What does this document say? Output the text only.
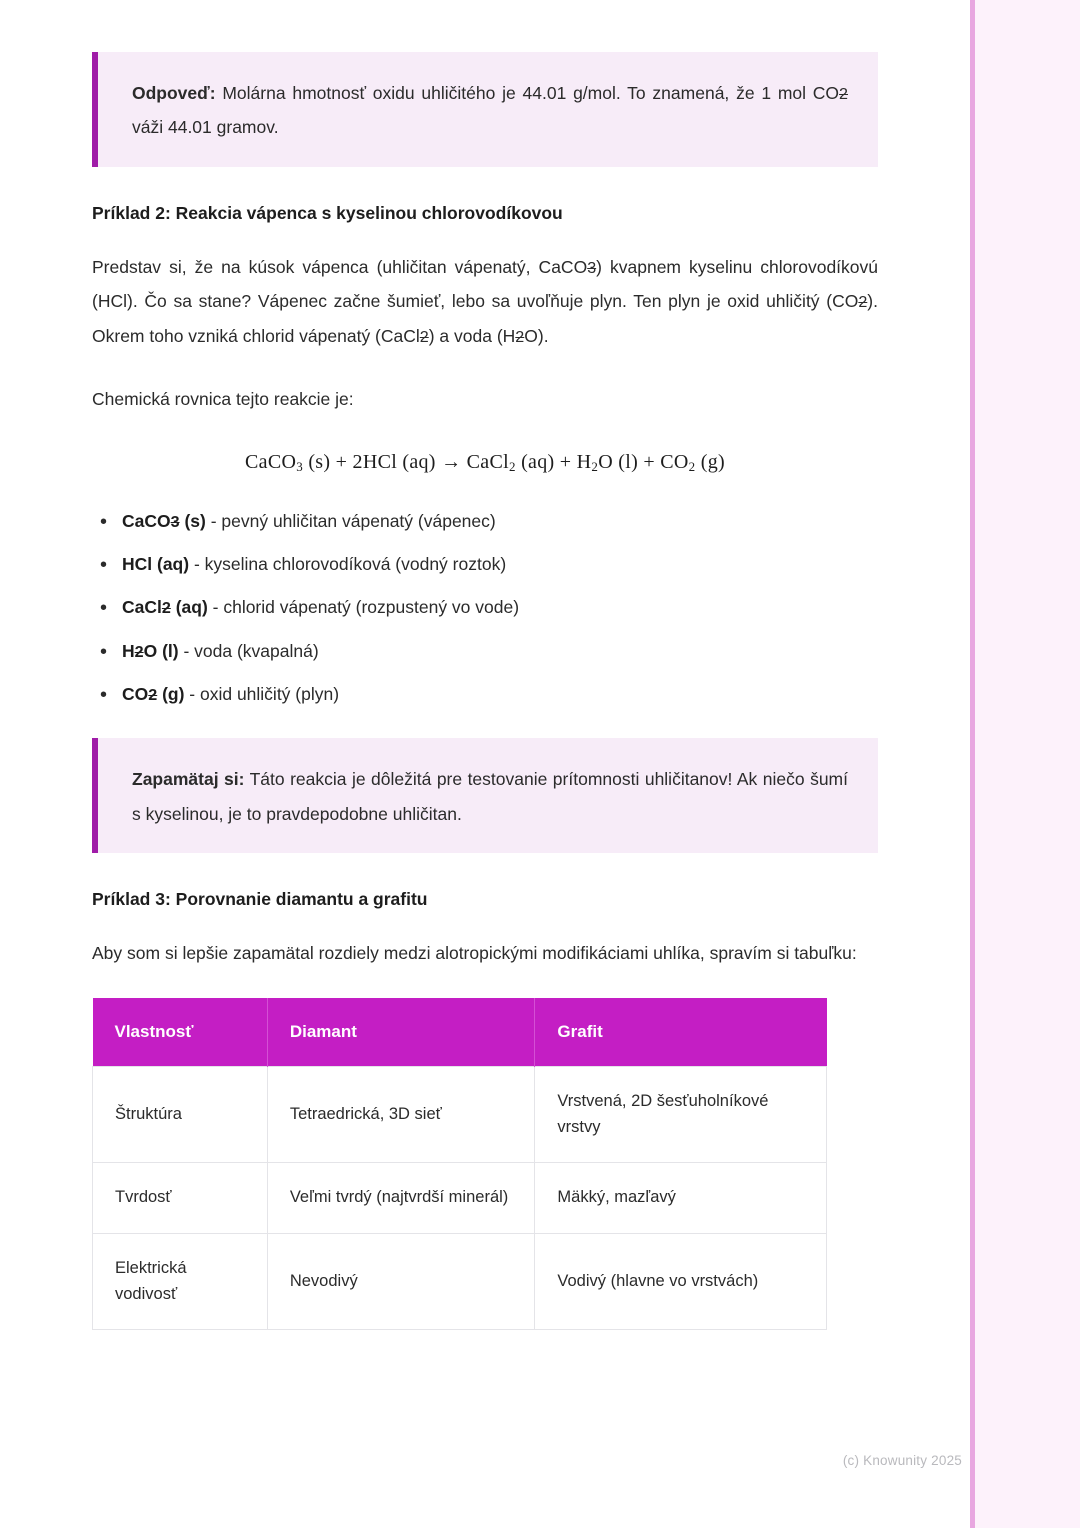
Odpoveď: Molárna hmotnosť oxidu uhličitého je 44.01 g/mol. To znamená, že 1 mol CO2 váži 44.01 gramov.

Príklad 2: Reakcia vápenca s kyselinou chlorovodíkovou

Predstav si, že na kúsok vápenca (uhličitan vápenatý, CaCO3) kvapnem kyselinu chlorovodíkovú (HCl). Čo sa stane? Vápenec začne šumieť, lebo sa uvoľňuje plyn. Ten plyn je oxid uhličitý (CO2). Okrem toho vzniká chlorid vápenatý (CaCl2) a voda (H2O).

Chemická rovnica tejto reakcie je:

CaCO$_3$ (s) + 2HCl (aq) → CaCl$_2$ $(aq) + H_2O$ $(l) + CO_2$ (g)
• CaCO3 (s) - pevný uhličitan vápenatý (vápenec)
• HCl (aq) - kyselina chlorovodíková (vodný roztok)
• CaCl2 (aq) - chlorid vápenatý (rozpustený vo vode)
• H2O (l) - voda (kvapalná)
• CO2 (g) - oxid uhličitý (plyn)

Zapamätaj si: Táto reakcia je dôležitá pre testovanie prítomnosti uhličitanov! Ak niečo šumí s kyselinou, je to pravdepodobne uhličitan.

Príklad 3: Porovnanie diamantu a grafitu

Aby som si lepšie zapamätal rozdiely medzi alotropickými modifikáciami uhlíka, spravím si tabuľku:

Vlastnosť	Diamant	Grafit
Štruktúra	Tetraedrická, 3D sieť	Vrstvená, 2D šesťuholníkové vrstvy
Tvrdosť	Veľmi tvrdý (najtvrdší minerál)	Mäkký, mazľavý
Elektrická vodivosť	Nevodivý	Vodivý (hlavne vo vrstvách)
(c) Knowunity 2025
